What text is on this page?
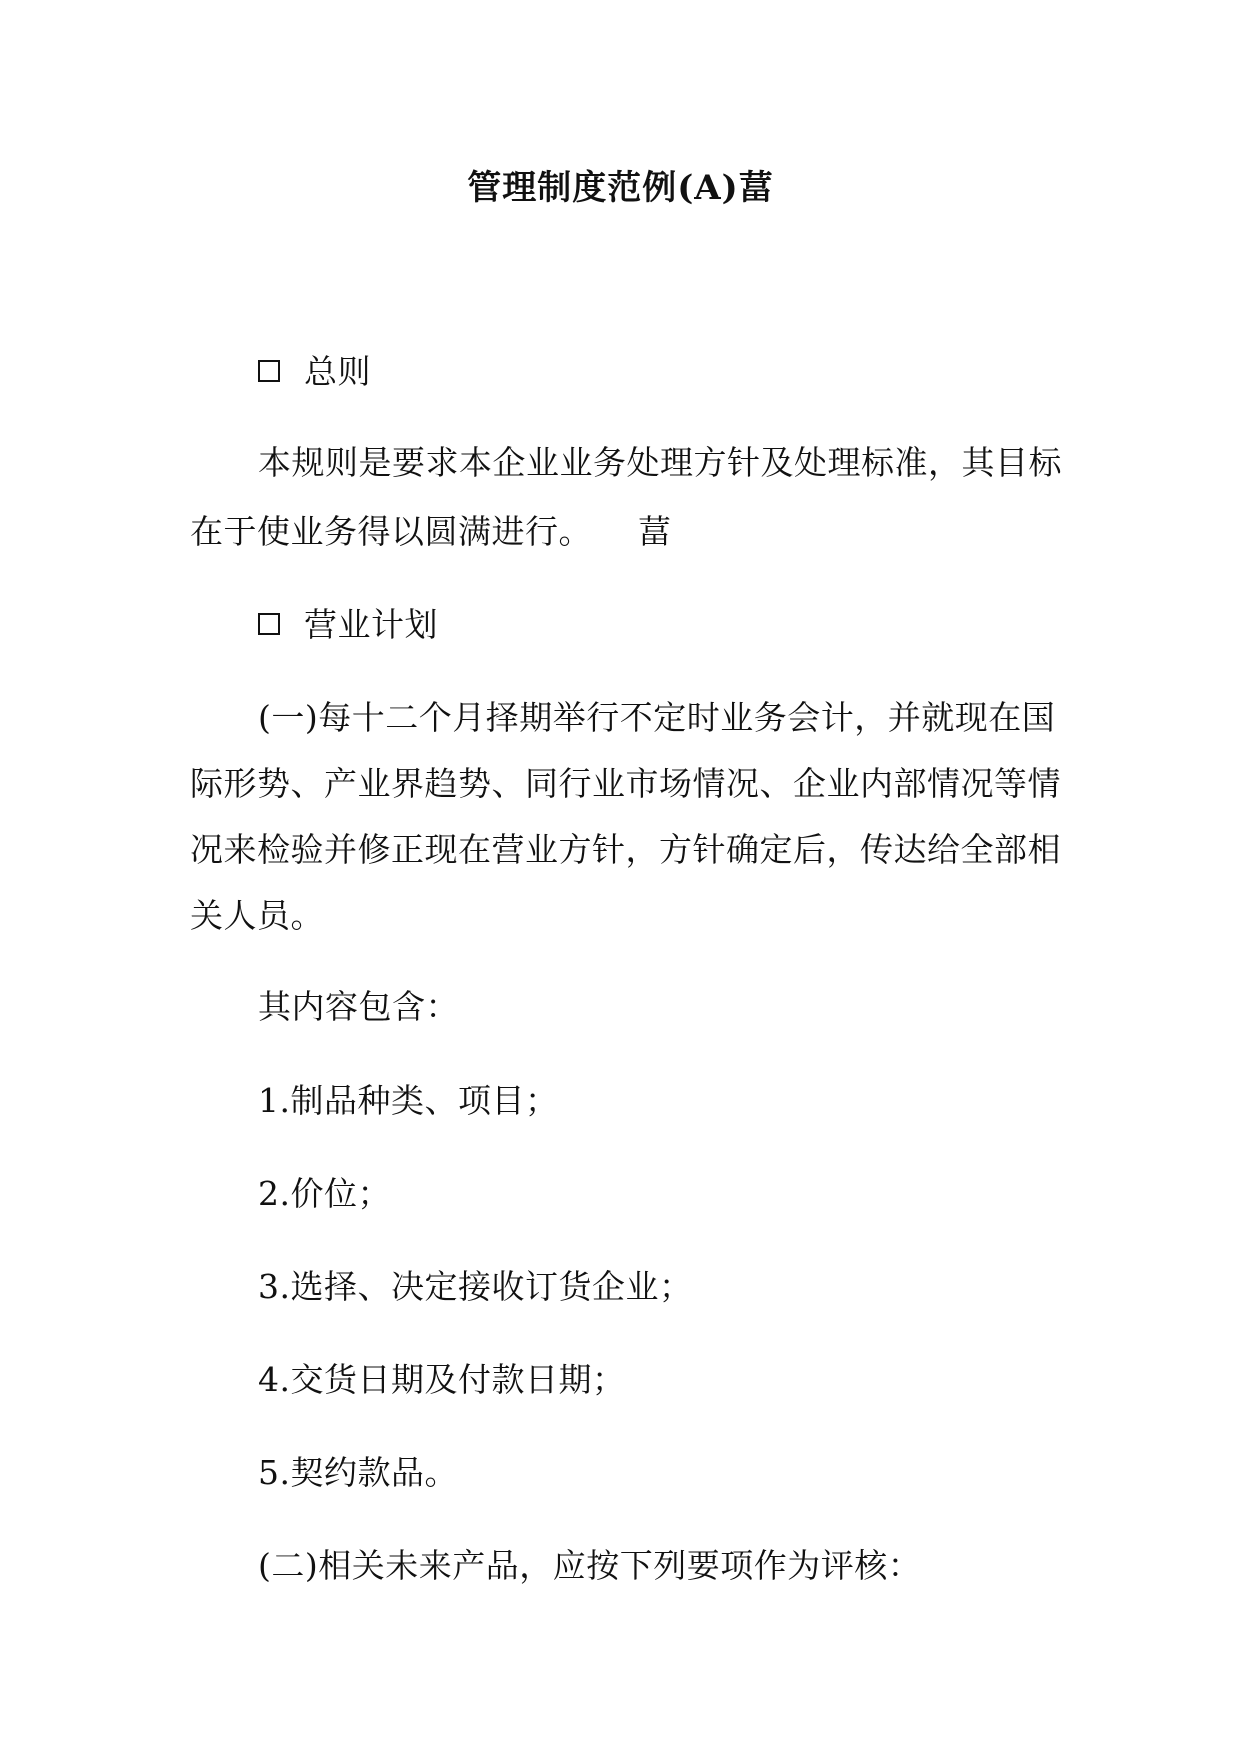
管理制度范例(A)葍
总则
本规则是要求本企业业务处理方针及处理标准，其目标
在于使业务得以圆满进行。 葍
营业计划
(一)每十二个月择期举行不定时业务会计，并就现在国
际形势、产业界趋势、同行业市场情况、企业内部情况等情
况来检验并修正现在营业方针，方针确定后，传达给全部相
关人员。
其内容包含：
1.制品种类、项目；
2.价位；
3.选择、决定接收订货企业；
4.交货日期及付款日期；
5.契约款品。
(二)相关未来产品，应按下列要项作为评核：
